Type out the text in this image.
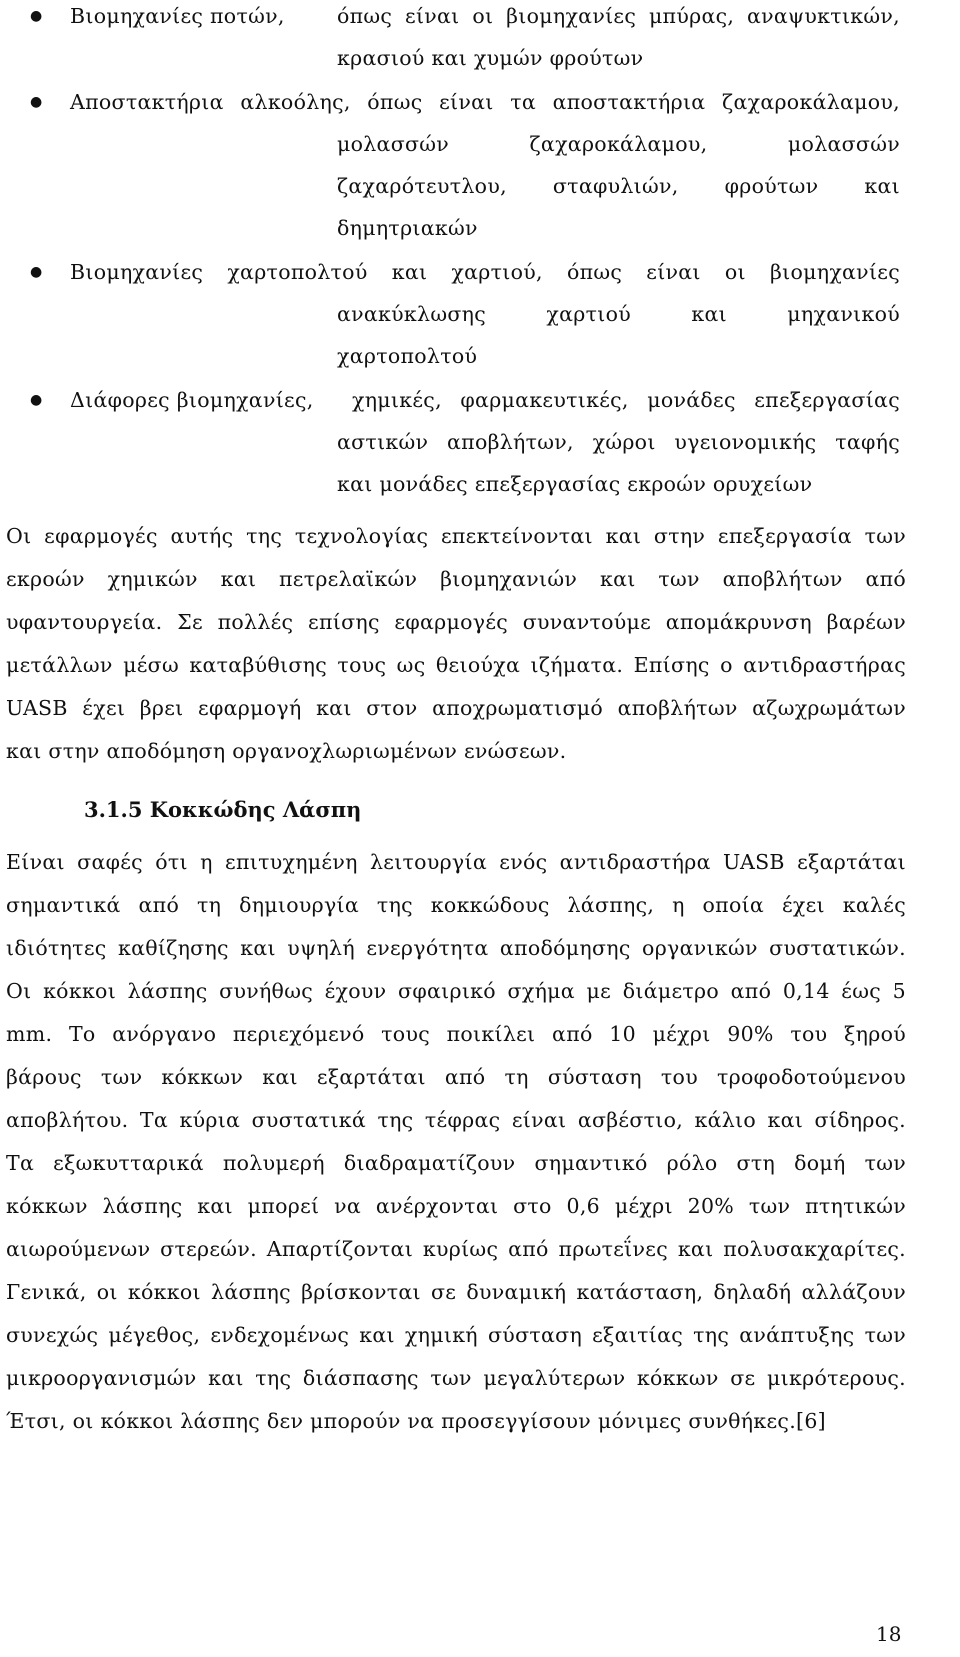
● Βιομηχανίες ποτών,	όπως είναι οι βιομηχανίες μπύρας, αναψυκτικών,
κρασιού και χυμών φρούτων
● Αποστακτήρια αλκοόλης, όπως είναι τα αποστακτήρια ζαχαροκάλαμου,
μολασσών ζαχαροκάλαμου, μολασσών
ζαχαρότευτλου, σταφυλιών, φρούτων και
δημητριακών
● Βιομηχανίες χαρτοπολτού και χαρτιού, όπως είναι οι βιομηχανίες
ανακύκλωσης χαρτιού και μηχανικού
χαρτοπολτού
● Διάφορες βιομηχανίες, χημικές, φαρμακευτικές, μονάδες επεξεργασίας
αστικών αποβλήτων, χώροι υγειονομικής ταφής
και μονάδες επεξεργασίας εκροών ορυχείων
Οι εφαρμογές αυτής της τεχνολογίας επεκτείνονται και στην επεξεργασία των
εκροών χημικών και πετρελαϊκών βιομηχανιών και των αποβλήτων από
υφαντουργεία. Σε πολλές επίσης εφαρμογές συναντούμε απομάκρυνση βαρέων
μετάλλων μέσω καταβύθισης τους ως θειούχα ιζήματα. Επίσης ο αντιδραστήρας
UASB έχει βρει εφαρμογή και στον αποχρωματισμό αποβλήτων αζωχρωμάτων
και στην αποδόμηση οργανοχλωριωμένων ενώσεων.
3.1.5 Κοκκώδης Λάσπη
Είναι σαφές ότι η επιτυχημένη λειτουργία ενός αντιδραστήρα UASB εξαρτάται
σημαντικά από τη δημιουργία της κοκκώδους λάσπης, η οποία έχει καλές
ιδιότητες καθίζησης και υψηλή ενεργότητα αποδόμησης οργανικών συστατικών.
Οι κόκκοι λάσπης συνήθως έχουν σφαιρικό σχήμα με διάμετρο από 0,14 έως 5
mm. Το ανόργανο περιεχόμενό τους ποικίλει από 10 μέχρι 90% του ξηρού
βάρους των κόκκων και εξαρτάται από τη σύσταση του τροφοδοτούμενου
αποβλήτου. Τα κύρια συστατικά της τέφρας είναι ασβέστιο, κάλιο και σίδηρος.
Τα εξωκυτταρικά πολυμερή διαδραματίζουν σημαντικό ρόλο στη δομή των
κόκκων λάσπης και μπορεί να ανέρχονται στο 0,6 μέχρι 20% των πτητικών
αιωρούμενων στερεών. Απαρτίζονται κυρίως από πρωτεΐνες και πολυσακχαρίτες.
Γενικά, οι κόκκοι λάσπης βρίσκονται σε δυναμική κατάσταση, δηλαδή αλλάζουν
συνεχώς μέγεθος, ενδεχομένως και χημική σύσταση εξαιτίας της ανάπτυξης των
μικροοργανισμών και της διάσπασης των μεγαλύτερων κόκκων σε μικρότερους.
Έτσι, οι κόκκοι λάσπης δεν μπορούν να προσεγγίσουν μόνιμες συνθήκες.[6]
18
